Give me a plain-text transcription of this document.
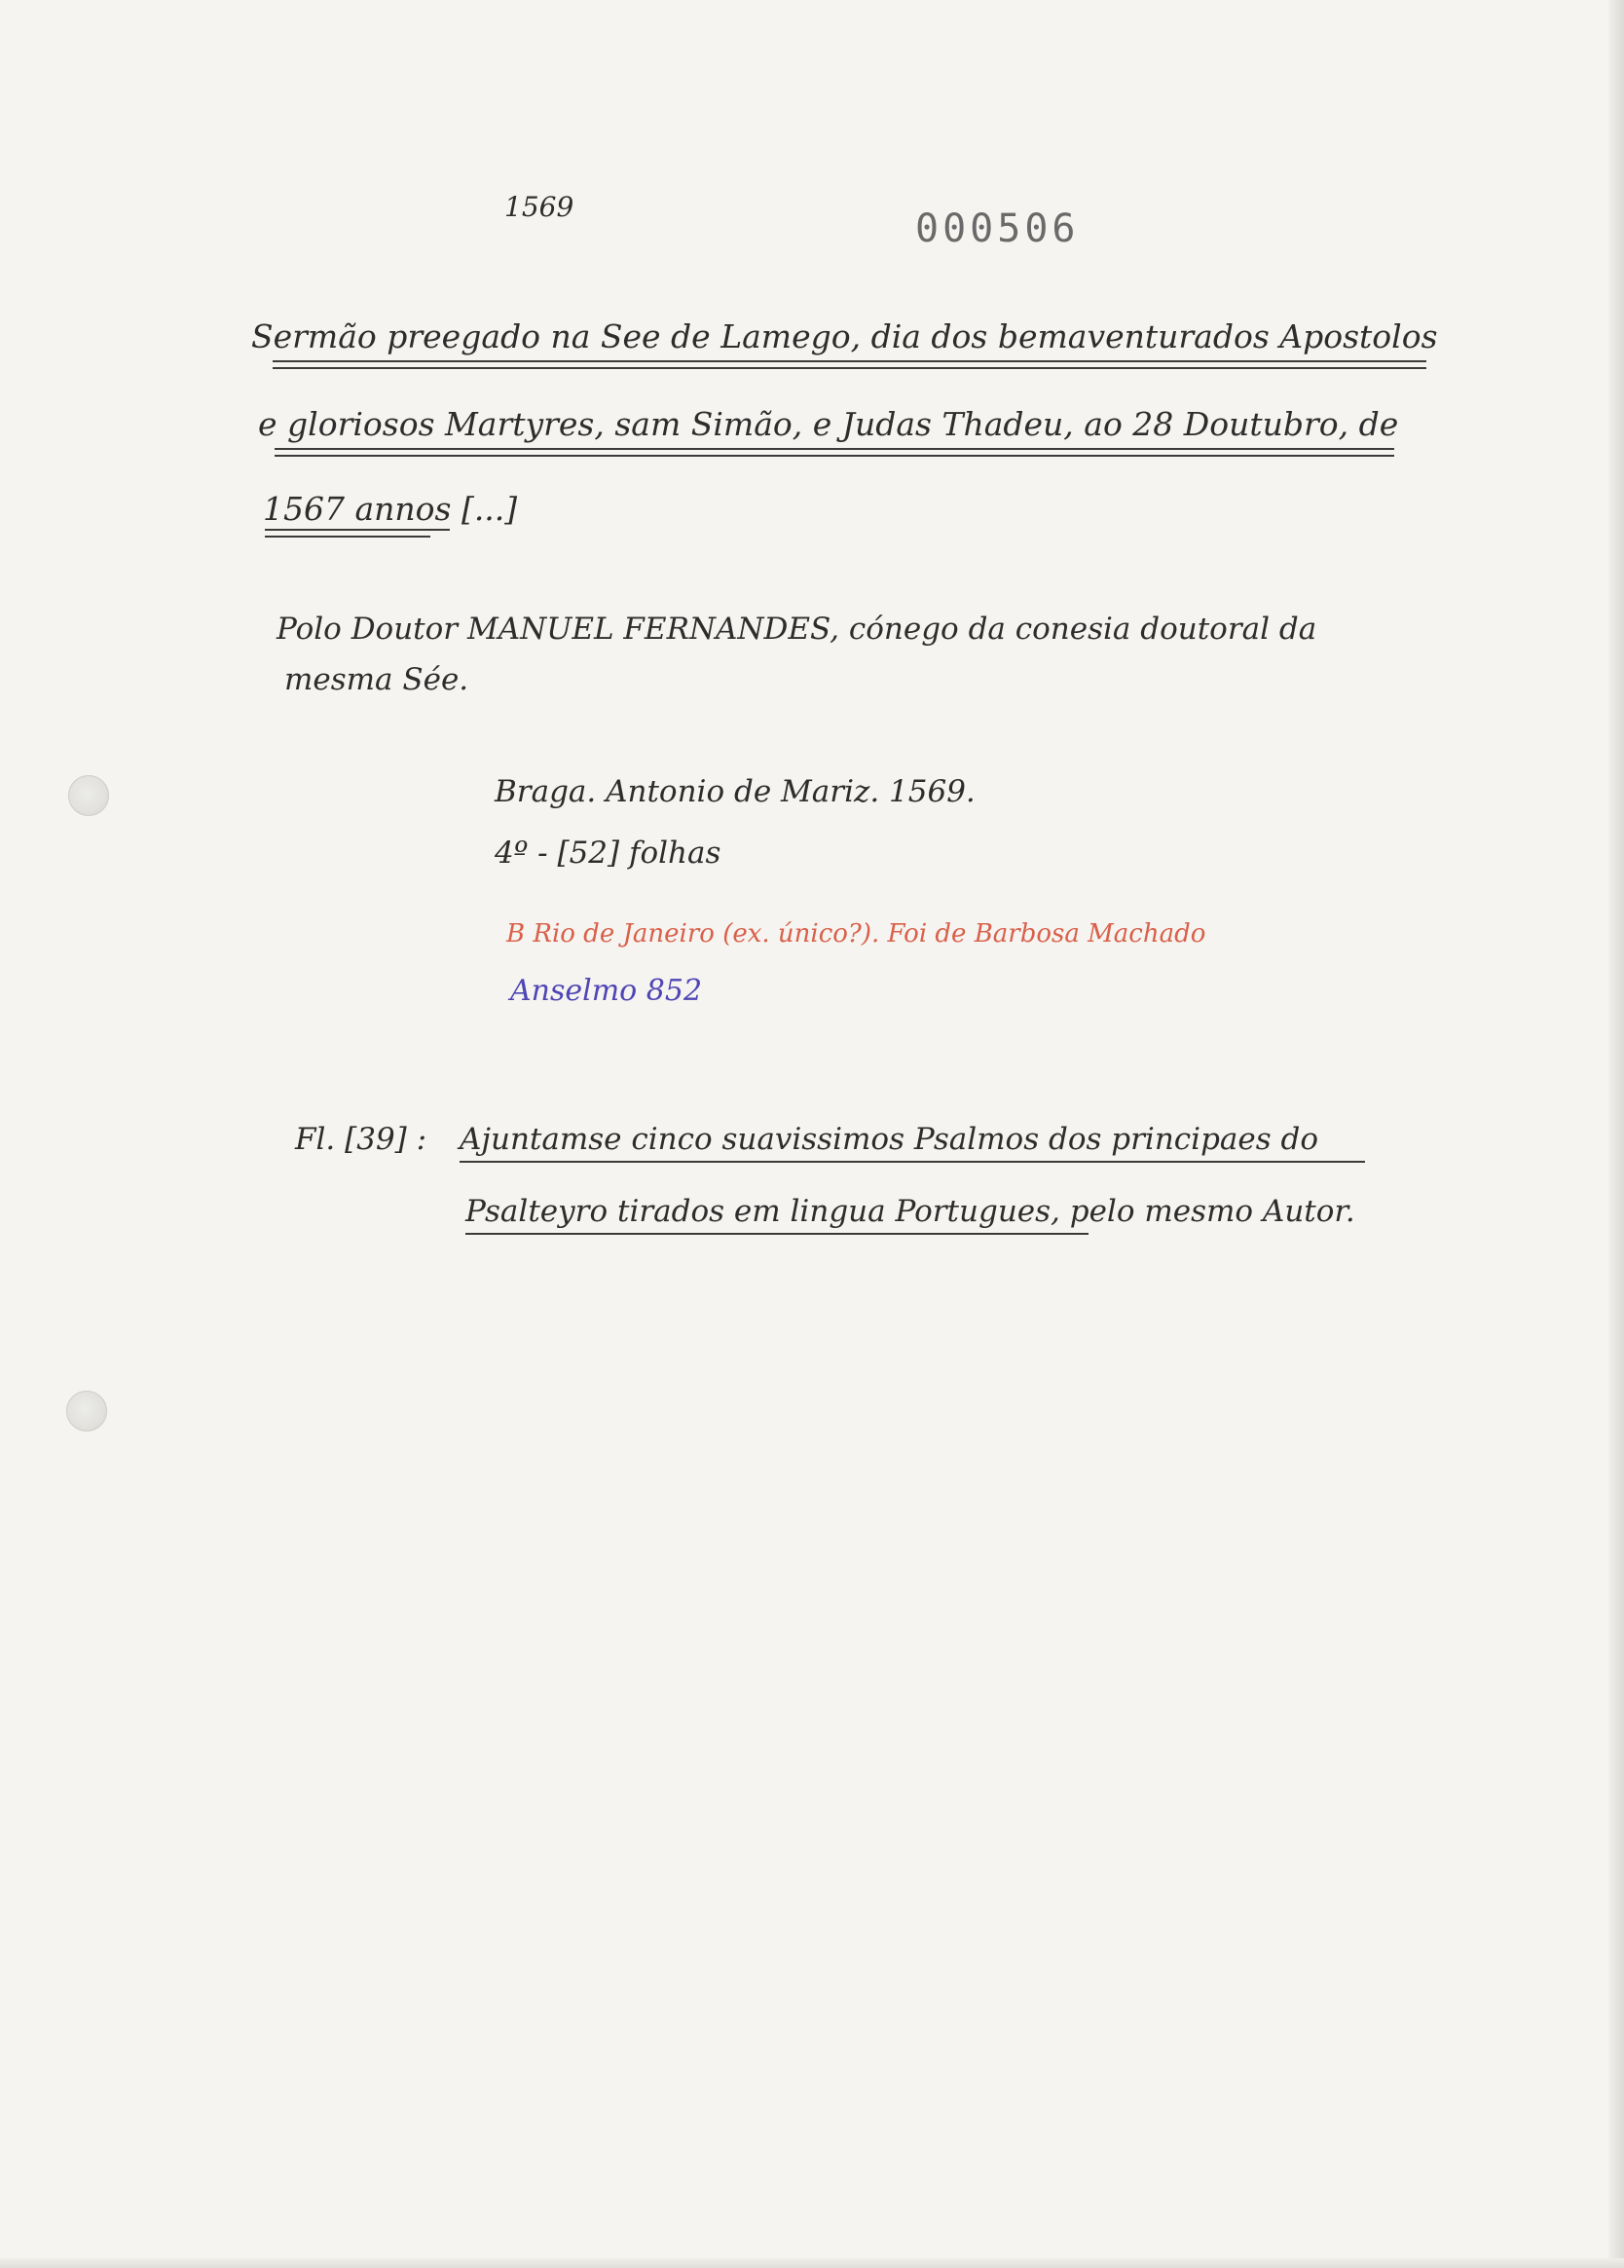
1569	000506
Sermão preegado na See de Lamego, dia dos bemaventurados Apostolos
e gloriosos Martyres, sam Simão, e Judas Thadeu, ao 28 Doutubro, de
1567 annos [...]
Polo Doutor MANUEL FERNANDES, cónego da conesia doutoral da
mesma Sée.
Braga. Antonio de Mariz. 1569.
4º - [52] folhas
B Rio de Janeiro (ex. único?). Foi de Barbosa Machado
Anselmo 852
Fl. [39] : Ajuntamse cinco suavissimos Psalmos dos principaes do
Psalteyro tirados em lingua Portugues, pelo mesmo Autor.
